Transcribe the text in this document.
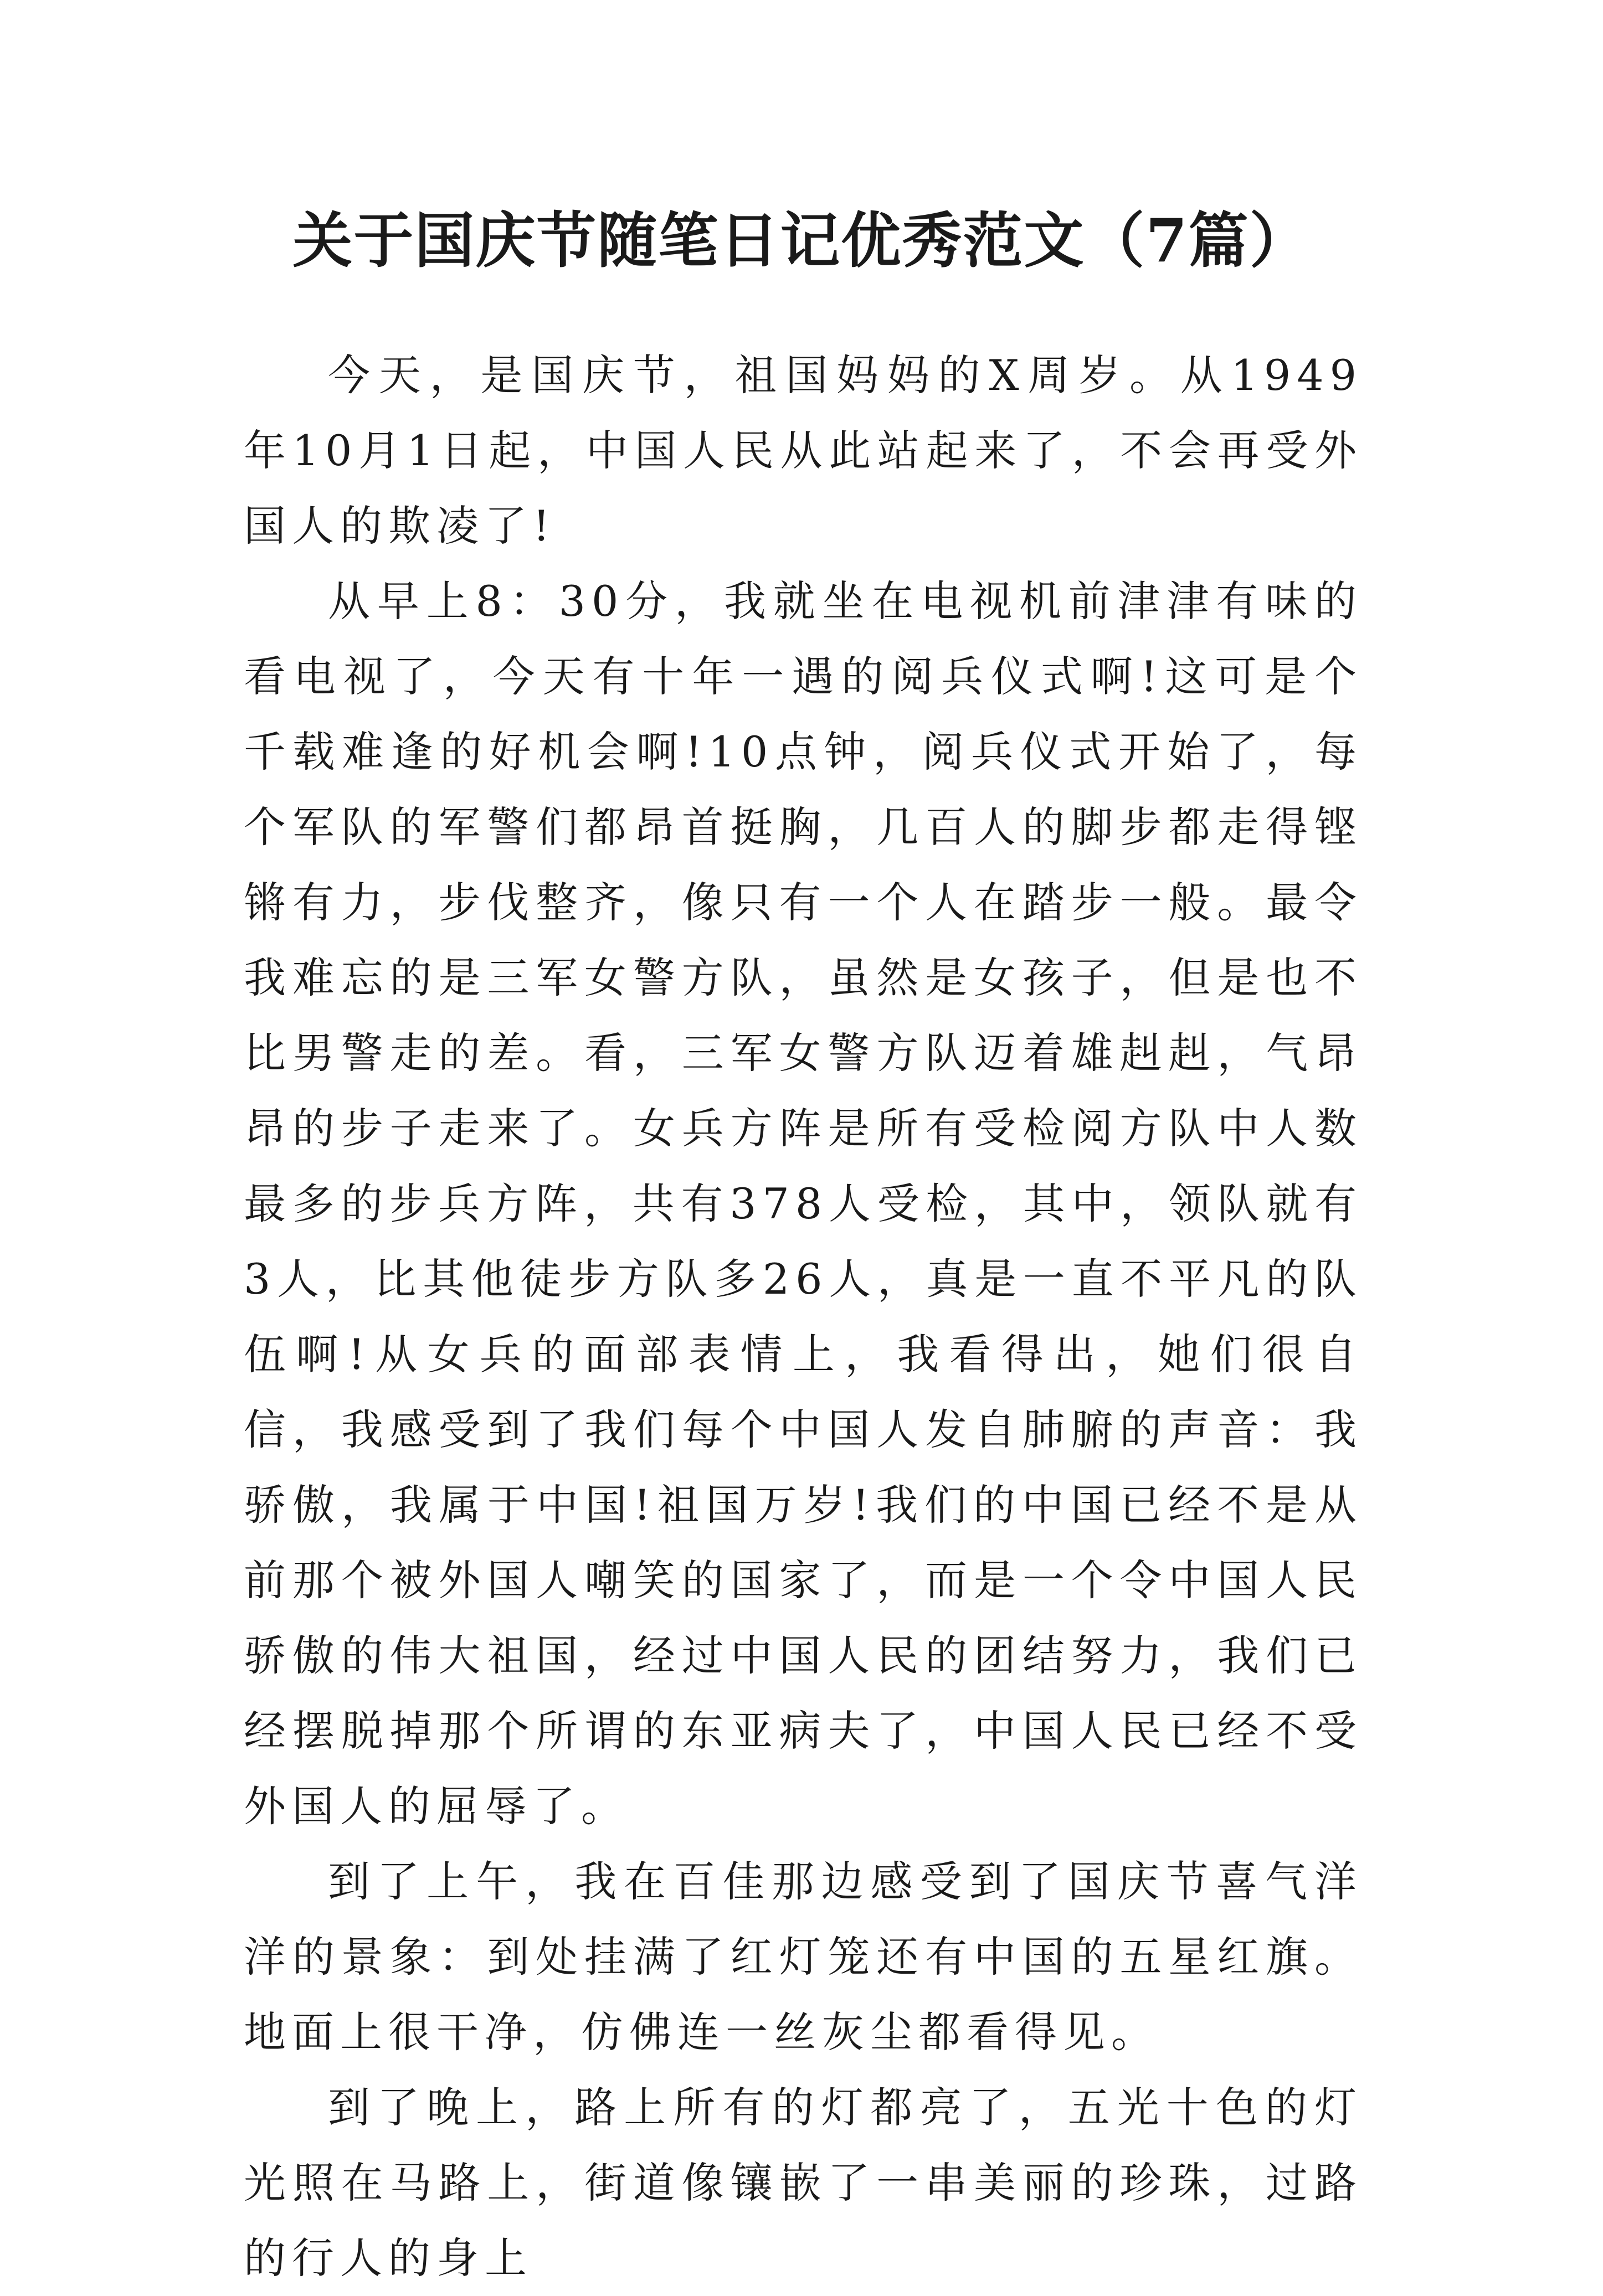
关于国庆节随笔日记优秀范文（7篇）

今天，是国庆节，祖国妈妈的X周岁。从1949年10月1日起，中国人民从此站起来了，不会再受外国人的欺凌了!

从早上8：30分，我就坐在电视机前津津有味的看电视了，今天有十年一遇的阅兵仪式啊!这可是个千载难逢的好机会啊!10点钟，阅兵仪式开始了，每个军队的军警们都昂首挺胸，几百人的脚步都走得铿锵有力，步伐整齐，像只有一个人在踏步一般。最令我难忘的是三军女警方队，虽然是女孩子，但是也不比男警走的差。看，三军女警方队迈着雄赳赳，气昂昂的步子走来了。女兵方阵是所有受检阅方队中人数最多的步兵方阵，共有378人受检，其中，领队就有3人，比其他徒步方队多26人，真是一直不平凡的队伍啊!从女兵的面部表情上，我看得出，她们很自信，我感受到了我们每个中国人发自肺腑的声音：我骄傲，我属于中国!祖国万岁!我们的中国已经不是从前那个被外国人嘲笑的国家了，而是一个令中国人民骄傲的伟大祖国，经过中国人民的团结努力，我们已经摆脱掉那个所谓的东亚病夫了，中国人民已经不受外国人的屈辱了。

到了上午，我在百佳那边感受到了国庆节喜气洋洋的景象：到处挂满了红灯笼还有中国的五星红旗。地面上很干净，仿佛连一丝灰尘都看得见。

到了晚上，路上所有的灯都亮了，五光十色的灯光照在马路上，街道像镶嵌了一串美丽的珍珠，过路的行人的身上
